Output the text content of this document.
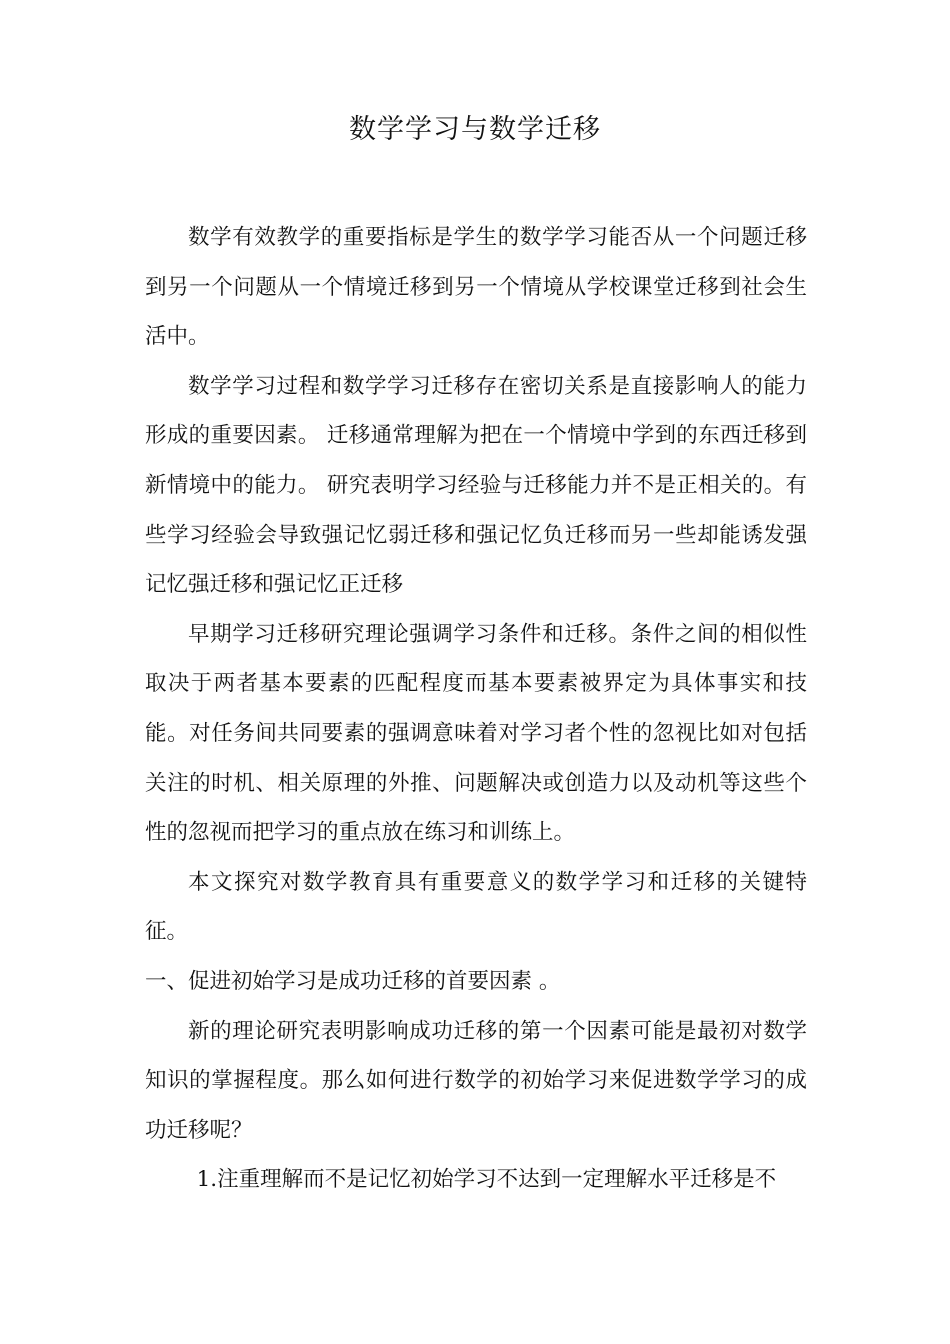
数学学习与数学迁移

数学有效教学的重要指标是学生的数学学习能否从一个问题迁移到另一个问题从一个情境迁移到另一个情境从学校课堂迁移到社会生活中。

数学学习过程和数学学习迁移存在密切关系是直接影响人的能力形成的重要因素。 迁移通常理解为把在一个情境中学到的东西迁移到新情境中的能力。 研究表明学习经验与迁移能力并不是正相关的。有些学习经验会导致强记忆弱迁移和强记忆负迁移而另一些却能诱发强记忆强迁移和强记忆正迁移

早期学习迁移研究理论强调学习条件和迁移。条件之间的相似性取决于两者基本要素的匹配程度而基本要素被界定为具体事实和技能。对任务间共同要素的强调意味着对学习者个性的忽视比如对包括关注的时机、相关原理的外推、问题解决或创造力以及动机等这些个性的忽视而把学习的重点放在练习和训练上。

本文探究对数学教育具有重要意义的数学学习和迁移的关键特征。

一、促进初始学习是成功迁移的首要因素 。

新的理论研究表明影响成功迁移的第一个因素可能是最初对数学知识的掌握程度。那么如何进行数学的初始学习来促进数学学习的成功迁移呢？

1.注重理解而不是记忆初始学习不达到一定理解水平迁移是不
